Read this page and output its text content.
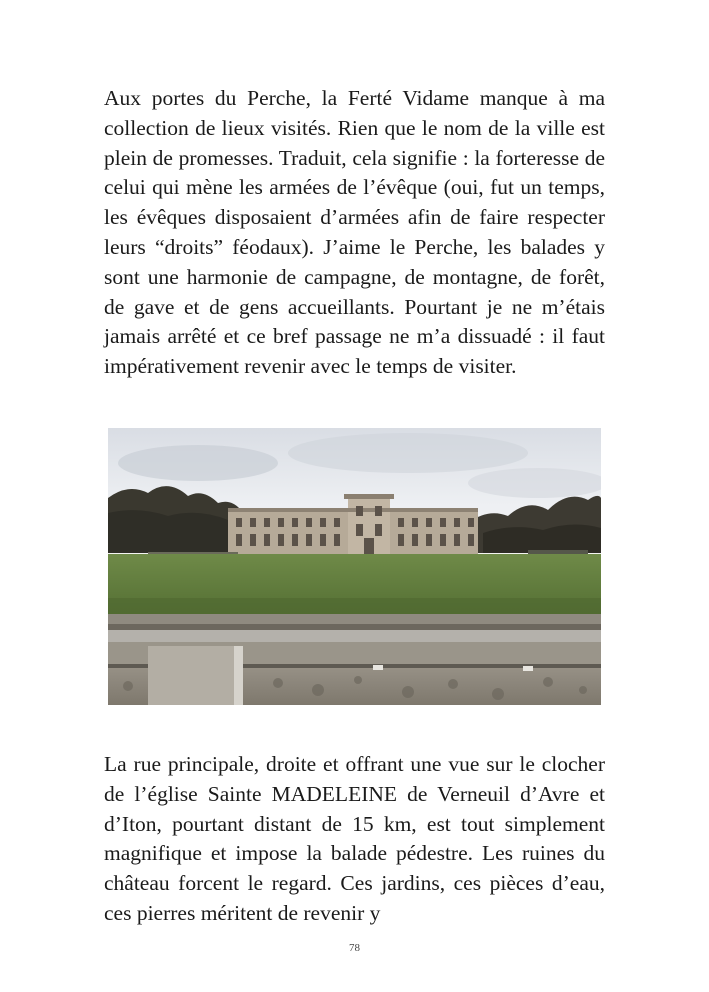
Aux portes du Perche, la Ferté Vidame manque à ma collection de lieux visités. Rien que le nom de la ville est plein de promesses. Traduit, cela signifie : la forteresse de celui qui mène les armées de l’évêque (oui, fut un temps, les évêques disposaient d’armées afin de faire respecter leurs “droits” féodaux). J’aime le Perche, les balades y sont une harmonie de campagne, de montagne, de forêt, de gave et de gens accueillants. Pourtant je ne m’étais jamais arrêté et ce bref passage ne m’a dissuadé : il faut impérativement revenir avec le temps de visiter.

La rue principale, droite et offrant une vue sur le clocher de l’église Sainte MADELEINE de Verneuil d’Avre et d’Iton, pourtant distant de 15 km, est tout simplement magnifique et impose la balade pédestre. Les ruines du château forcent le regard. Ces jardins, ces pièces d’eau, ces pierres méritent de revenir y

78
